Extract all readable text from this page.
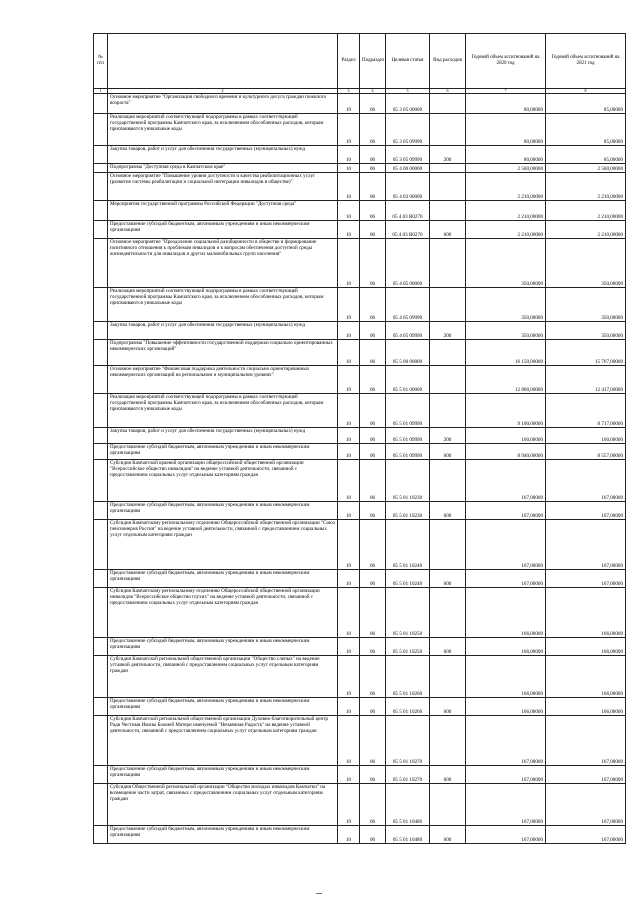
№ п/п		Раздел	Подраздел	Целевая статья	Вид расходов	Годовой объем ассигнований на 2020 год	Годовой объем ассигнований на 2021 год
1	2	3	4	5	6	7	8
	Основное мероприятие "Организация свободного времени и культурного досуга граждан пожилого возраста"	10	06	05 3 05 00000		80,00000	85,00000
	Реализация мероприятий соответствующей подпрограммы в рамках соответствующей государственной программы Камчатского края, за исключением обособленных расходов, которым присваиваются уникальные коды	10	06	05 3 05 09990		80,00000	85,00000
	Закупка товаров, работ и услуг для обеспечения государственных (муниципальных) нужд	10	06	05 3 05 09990	200	80,00000	85,00000
	Подпрограмма "Доступная среда в Камчатском крае"	10	06	05 4 00 00000		2 560,00000	2 560,00000
	Основное мероприятие "Повышение уровня доступности и качества реабилитационных услуг (развитие системы реабилитации и социальной интеграции инвалидов в обществе)"	10	06	05 4 03 00000		2 210,00000	2 210,00000
	Мероприятия государственной программы Российской Федерации "Доступная среда"	10	06	05 4 03 R0270		2 210,00000	2 210,00000
	Предоставление субсидий бюджетным, автономным учреждениям и иным некоммерческим организациям	10	06	05 4 03 R0270	600	2 210,00000	2 210,00000
	Основное мероприятие "Преодоление социальной разобщенности в обществе и формирование позитивного отношения к проблемам инвалидов и к вопросам обеспечения доступной среды жизнедеятельности для инвалидов и других маломобильных групп населения"	10	06	05 4 05 00000		350,00000	350,00000
	Реализация мероприятий соответствующей подпрограммы в рамках соответствующей государственной программы Камчатского края, за исключением обособленных расходов, которым присваиваются уникальные коды	10	06	05 4 05 09990		350,00000	350,00000
	Закупка товаров, работ и услуг для обеспечения государственных (муниципальных) нужд	10	06	05 4 05 09990	200	350,00000	350,00000
	Подпрограмма "Повышение эффективности государственной поддержки социально ориентированных некоммерческих организаций"	10	06	05 5 00 00000		16 150,00000	15 767,00000
	Основное мероприятие "Финансовая поддержка деятельности социально ориентированных некоммерческих организаций на региональном и муниципальном уровнях"	10	06	05 5 01 00000		12 800,00000	12 417,00000
	Реализация мероприятий соответствующей подпрограммы в рамках соответствующей государственной программы Камчатского края, за исключением обособленных расходов, которым присваиваются уникальные коды	10	06	05 5 01 09990		9 100,00000	8 717,00000
	Закупка товаров, работ и услуг для обеспечения государственных (муниципальных) нужд	10	06	05 5 01 09990	200	160,00000	160,00000
	Предоставление субсидий бюджетным, автономным учреждениям и иным некоммерческим организациям	10	06	05 5 01 09990	600	8 940,00000	8 557,00000
	Субсидия Камчатской краевой организации общероссийской общественной организации "Всероссийское общество инвалидов" на ведение уставной деятельности, связанной с предоставлением социальных услуг отдельным категориям граждан	10	06	05 5 01 10230		167,00000	167,00000
	Предоставление субсидий бюджетным, автономным учреждениям и иным некоммерческим организациям	10	06	05 5 01 10230	600	167,00000	167,00000
	Субсидия Камчатскому региональному отделению Общероссийской общественной организации "Союз пенсионеров России" на ведение уставной деятельности, связанной с предоставлением социальных услуг отдельным категориям граждан	10	06	05 5 01 10240		167,00000	167,00000
	Предоставление субсидий бюджетным, автономным учреждениям и иным некоммерческим организациям	10	06	05 5 01 10240	600	167,00000	167,00000
	Субсидия Камчатскому региональному отделению Общероссийской общественной организации инвалидов "Всероссийское общество глухих" на ведение уставной деятельности, связанной с предоставлением социальных услуг отдельным категориям граждан	10	06	05 5 01 10250		166,00000	166,00000
	Предоставление субсидий бюджетным, автономным учреждениям и иным некоммерческим организациям	10	06	05 5 01 10250	600	166,00000	166,00000
	Субсидия Камчатской региональной общественной организации "Общество слепых" на ведение уставной деятельности, связанной с предоставлением социальных услуг отдельным категориям граждан	10	06	05 5 01 10260		166,00000	166,00000
	Предоставление субсидий бюджетным, автономным учреждениям и иным некоммерческим организациям	10	06	05 5 01 10260	600	166,00000	166,00000
	Субсидия Камчатской региональной общественной организации Духовно-благотворительный центр Ради Честныя Иконы Божией Матери именуемой "Нечаянная Радость" на ведение уставной деятельности, связанной с предоставлением социальных услуг отдельным категориям граждан	10	06	05 5 01 10270		167,00000	167,00000
	Предоставление субсидий бюджетным, автономным учреждениям и иным некоммерческим организациям	10	06	05 5 01 10270	600	167,00000	167,00000
	Субсидия Общественной региональной организации "Общество молодых инвалидов Камчатки" на возмещение части затрат, связанных с предоставлением социальных услуг отдельным категориям граждан	10	06	05 5 01 10480		167,00000	167,00000
	Предоставление субсидий бюджетным, автономным учреждениям и иным некоммерческим организациям	10	06	05 5 01 10480	600	167,00000	167,00000
